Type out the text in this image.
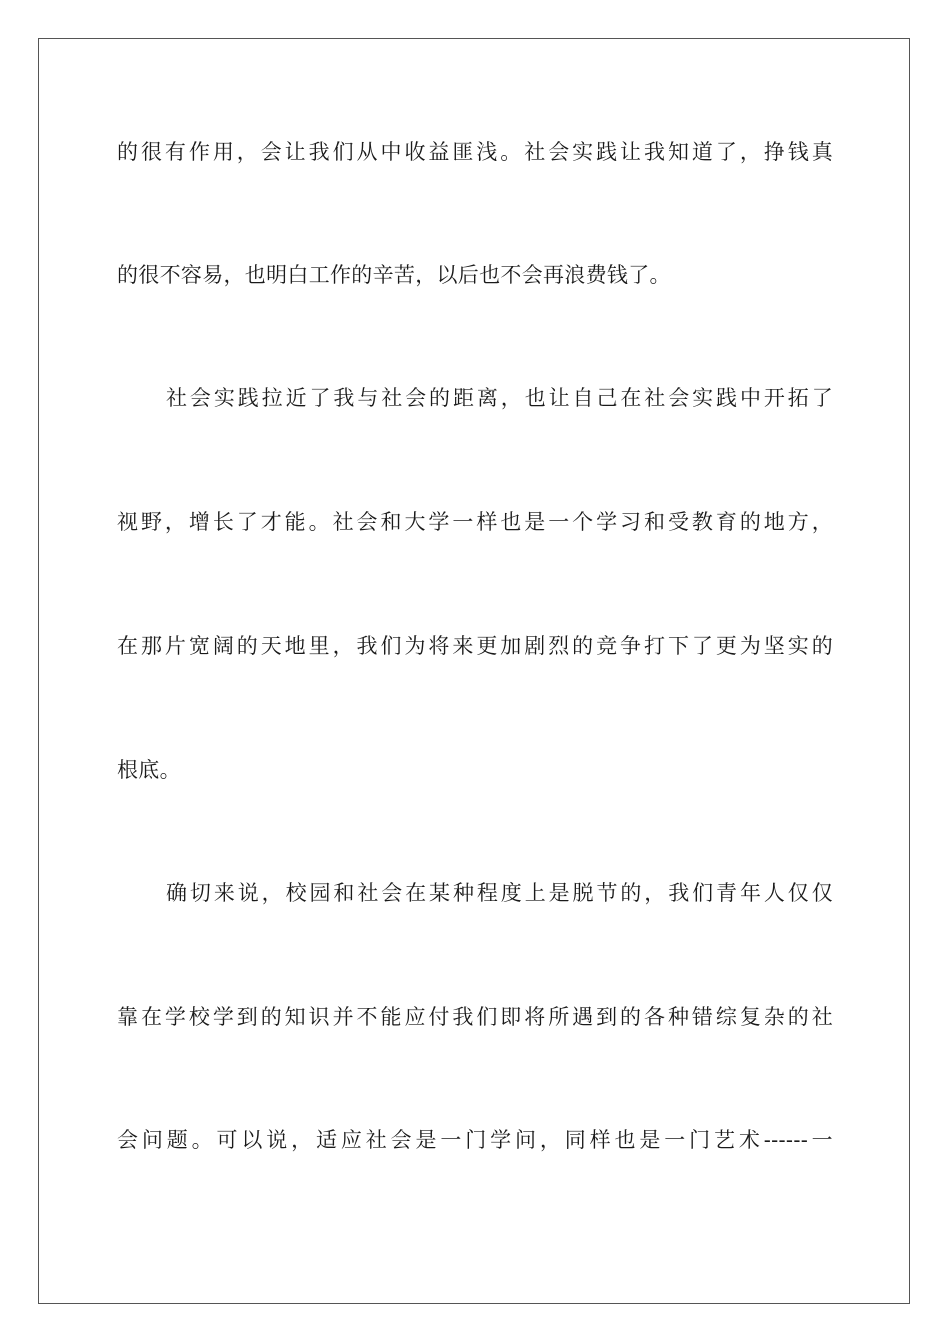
的很有作用，会让我们从中收益匪浅。社会实践让我知道了，挣钱真
的很不容易，也明白工作的辛苦，以后也不会再浪费钱了。
社会实践拉近了我与社会的距离，也让自己在社会实践中开拓了
视野，增长了才能。社会和大学一样也是一个学习和受教育的地方，
在那片宽阔的天地里，我们为将来更加剧烈的竞争打下了更为坚实的
根底。
确切来说，校园和社会在某种程度上是脱节的，我们青年人仅仅
靠在学校学到的知识并不能应付我们即将所遇到的各种错综复杂的社
会问题。可以说，适应社会是一门学问，同样也是一门艺术------一
